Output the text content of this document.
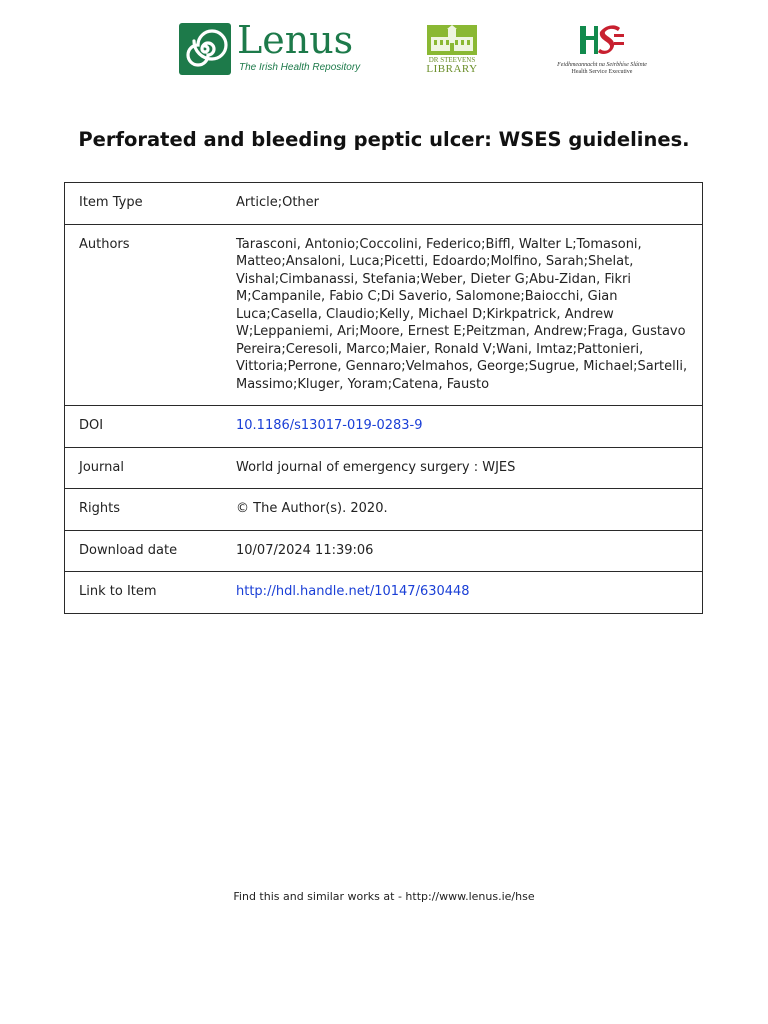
Lenus
The Irish Health Repository
DR STEEVENS
LIBRARY	Feidhmeannacht na Seirbhíse Sláinte
Health Service Executive
Perforated and bleeding peptic ulcer: WSES guidelines.
Item Type	Article;Other
Authors	Tarasconi, Antonio;Coccolini, Federico;Biffl, Walter L;Tomasoni, Matteo;Ansaloni, Luca;Picetti, Edoardo;Molfino, Sarah;Shelat, Vishal;Cimbanassi, Stefania;Weber, Dieter G;Abu-Zidan, Fikri M;Campanile, Fabio C;Di Saverio, Salomone;Baiocchi, Gian Luca;Casella, Claudio;Kelly, Michael D;Kirkpatrick, Andrew W;Leppaniemi, Ari;Moore, Ernest E;Peitzman, Andrew;Fraga, Gustavo Pereira;Ceresoli, Marco;Maier, Ronald V;Wani, Imtaz;Pattonieri, Vittoria;Perrone, Gennaro;Velmahos, George;Sugrue, Michael;Sartelli, Massimo;Kluger, Yoram;Catena, Fausto
DOI	10.1186/s13017-019-0283-9
Journal	World journal of emergency surgery : WJES
Rights	© The Author(s). 2020.
Download date	10/07/2024 11:39:06
Link to Item	http://hdl.handle.net/10147/630448
Find this and similar works at - http://www.lenus.ie/hse
